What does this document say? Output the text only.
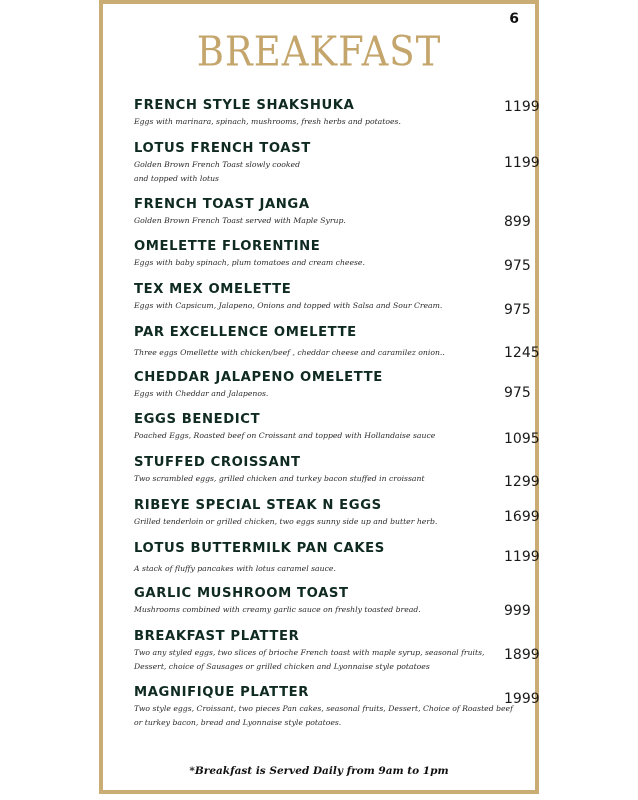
6
BREAKFAST
FRENCH STYLE SHAKSHUKA
Eggs with marinara, spinach, mushrooms, fresh herbs and potatoes.
1199
LOTUS FRENCH TOAST
Golden Brown French Toast slowly cooked
and topped with lotus
1199
FRENCH TOAST JANGA
Golden Brown French Toast served with Maple Syrup.	899
OMELETTE FLORENTINE
Eggs with baby spinach, plum tomatoes and cream cheese.	975
TEX MEX OMELETTE
Eggs with Capsicum, Jalapeno, Onions and topped with Salsa and Sour Cream.	975
PAR EXCELLENCE OMELETTE
Three eggs Omellette with chicken/beef , cheddar cheese and caramilez onion..	1245
CHEDDAR JALAPENO OMELETTE
Eggs with Cheddar and Jalapenos.	975
EGGS BENEDICT
Poached Eggs, Roasted beef on Croissant and topped with Hollandaise sauce	1095
STUFFED CROISSANT
Two scrambled eggs, grilled chicken and turkey bacon stuffed in croissant	1299
RIBEYE SPECIAL STEAK N EGGS
Grilled tenderloin or grilled chicken, two eggs sunny side up and butter herb.	1699
LOTUS BUTTERMILK PAN CAKES
A stack of fluffy pancakes with lotus caramel sauce.
1199
GARLIC MUSHROOM TOAST
Mushrooms combined with creamy garlic sauce on freshly toasted bread.	999
BREAKFAST PLATTER
Two any styled eggs, two slices of brioche French toast with maple syrup, seasonal fruits,
Dessert, choice of Sausages or grilled chicken and Lyonnaise style potatoes
1899
MAGNIFIQUE PLATTER
Two style eggs, Croissant, two pieces Pan cakes, seasonal fruits, Dessert, Choice of Roasted beef
or turkey bacon, bread and Lyonnaise style potatoes.
1999
*Breakfast is Served Daily from 9am to 1pm
